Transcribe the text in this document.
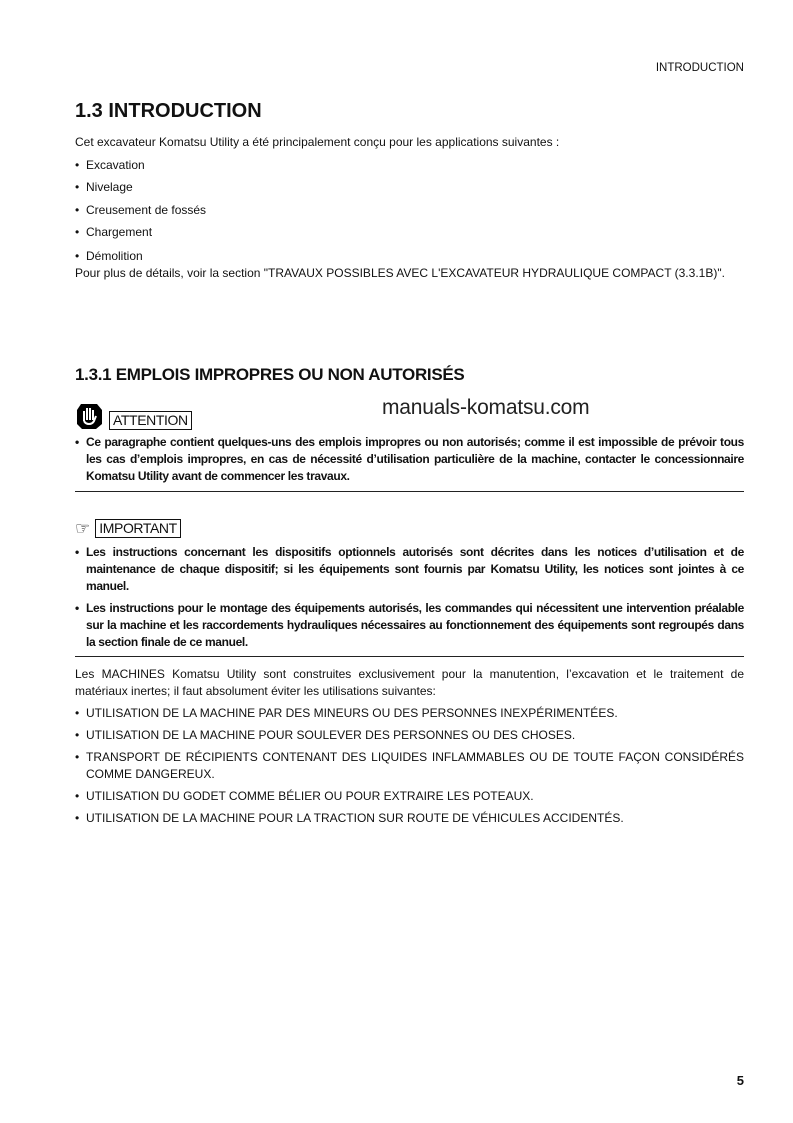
INTRODUCTION
1.3 INTRODUCTION
Cet excavateur Komatsu Utility a été principalement conçu pour les applications suivantes :
• Excavation
• Nivelage
• Creusement de fossés
• Chargement
• Démolition
Pour plus de détails, voir la section "TRAVAUX POSSIBLES AVEC L'EXCAVATEUR HYDRAULIQUE COMPACT (3.3.1B)".
1.3.1 EMPLOIS IMPROPRES OU NON AUTORISÉS
ATTENTION
• Ce paragraphe contient quelques-uns des emplois impropres ou non autorisés; comme il est impossible de prévoir tous les cas d’emplois impropres, en cas de nécessité d’utilisation particulière de la machine, contacter le concessionnaire Komatsu Utility avant de commencer les travaux.
☞ IMPORTANT
• Les instructions concernant les dispositifs optionnels autorisés sont décrites dans les notices d’utilisation et de maintenance de chaque dispositif; si les équipements sont fournis par Komatsu Utility, les notices sont jointes à ce manuel.
• Les instructions pour le montage des équipements autorisés, les commandes qui nécessitent une intervention préalable sur la machine et les raccordements hydrauliques nécessaires au fonctionnement des équipements sont regroupés dans la section finale de ce manuel.
Les MACHINES Komatsu Utility sont construites exclusivement pour la manutention, l’excavation et le traitement de matériaux inertes; il faut absolument éviter les utilisations suivantes:
• UTILISATION DE LA MACHINE PAR DES MINEURS OU DES PERSONNES INEXPÉRIMENTÉES.
• UTILISATION DE LA MACHINE POUR SOULEVER DES PERSONNES OU DES CHOSES.
• TRANSPORT DE RÉCIPIENTS CONTENANT DES LIQUIDES INFLAMMABLES OU DE TOUTE FAÇON CONSIDÉRÉS COMME DANGEREUX.
• UTILISATION DU GODET COMME BÉLIER OU POUR EXTRAIRE LES POTEAUX.
• UTILISATION DE LA MACHINE POUR LA TRACTION SUR ROUTE DE VÉHICULES ACCIDENTÉS.
manuals-komatsu.com
5
